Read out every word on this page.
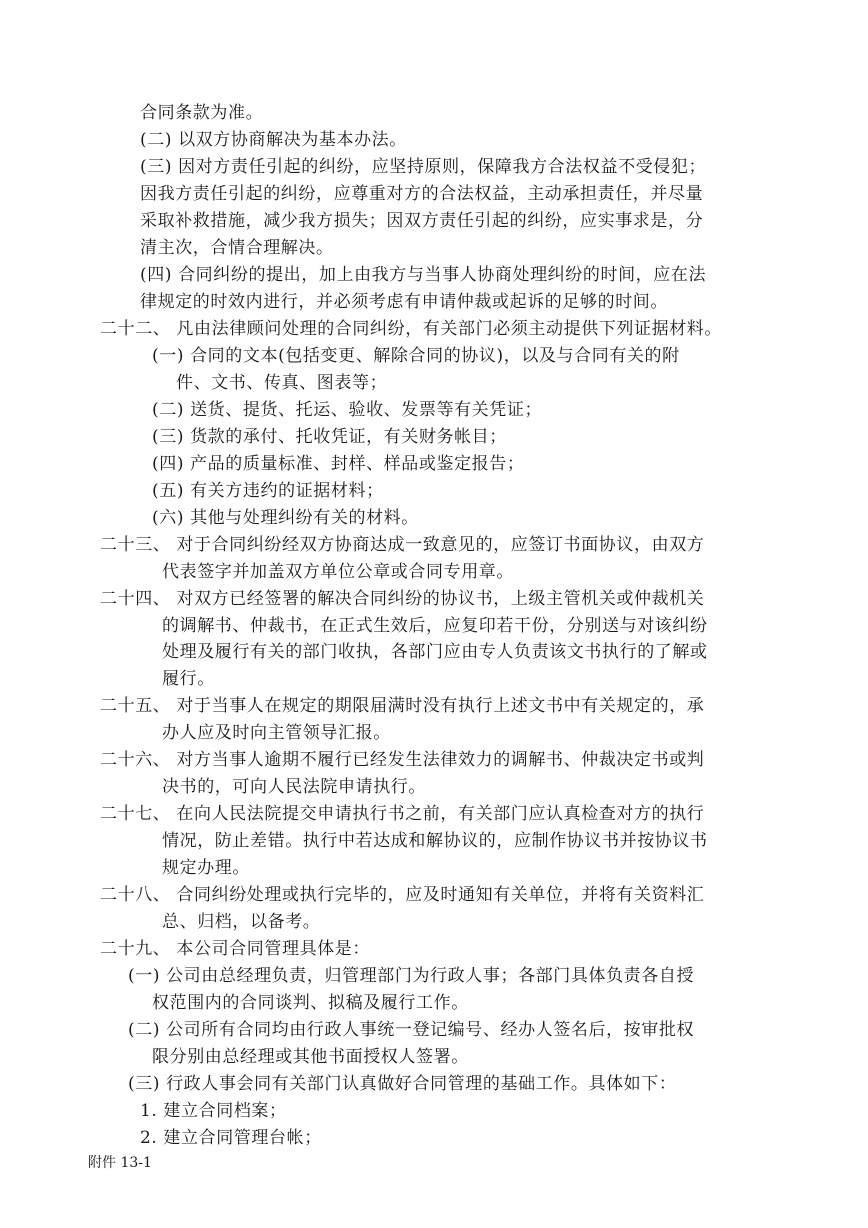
合同条款为准。
(二) 以双方协商解决为基本办法。
(三) 因对方责任引起的纠纷，应坚持原则，保障我方合法权益不受侵犯；
因我方责任引起的纠纷，应尊重对方的合法权益，主动承担责任，并尽量
采取补救措施，减少我方损失；因双方责任引起的纠纷，应实事求是，分
清主次，合情合理解决。
(四) 合同纠纷的提出，加上由我方与当事人协商处理纠纷的时间，应在法
律规定的时效内进行，并必须考虑有申请仲裁或起诉的足够的时间。
二十二、 凡由法律顾问处理的合同纠纷，有关部门必须主动提供下列证据材料。
(一) 合同的文本(包括变更、解除合同的协议)，以及与合同有关的附
件、文书、传真、图表等；
(二) 送货、提货、托运、验收、发票等有关凭证；
(三) 货款的承付、托收凭证，有关财务帐目；
(四) 产品的质量标准、封样、样品或鉴定报告；
(五) 有关方违约的证据材料；
(六) 其他与处理纠纷有关的材料。
二十三、 对于合同纠纷经双方协商达成一致意见的，应签订书面协议，由双方
代表签字并加盖双方单位公章或合同专用章。
二十四、 对双方已经签署的解决合同纠纷的协议书，上级主管机关或仲裁机关
的调解书、仲裁书，在正式生效后，应复印若干份，分别送与对该纠纷
处理及履行有关的部门收执，各部门应由专人负责该文书执行的了解或
履行。
二十五、 对于当事人在规定的期限届满时没有执行上述文书中有关规定的，承
办人应及时向主管领导汇报。
二十六、 对方当事人逾期不履行已经发生法律效力的调解书、仲裁决定书或判
决书的，可向人民法院申请执行。
二十七、 在向人民法院提交申请执行书之前，有关部门应认真检查对方的执行
情况，防止差错。执行中若达成和解协议的，应制作协议书并按协议书
规定办理。
二十八、 合同纠纷处理或执行完毕的，应及时通知有关单位，并将有关资料汇
总、归档，以备考。
二十九、 本公司合同管理具体是：
(一) 公司由总经理负责，归管理部门为行政人事；各部门具体负责各自授
权范围内的合同谈判、拟稿及履行工作。
(二) 公司所有合同均由行政人事统一登记编号、经办人签名后，按审批权
限分别由总经理或其他书面授权人签署。
(三) 行政人事会同有关部门认真做好合同管理的基础工作。具体如下：
1. 建立合同档案；
2. 建立合同管理台帐；
附件 13-1
